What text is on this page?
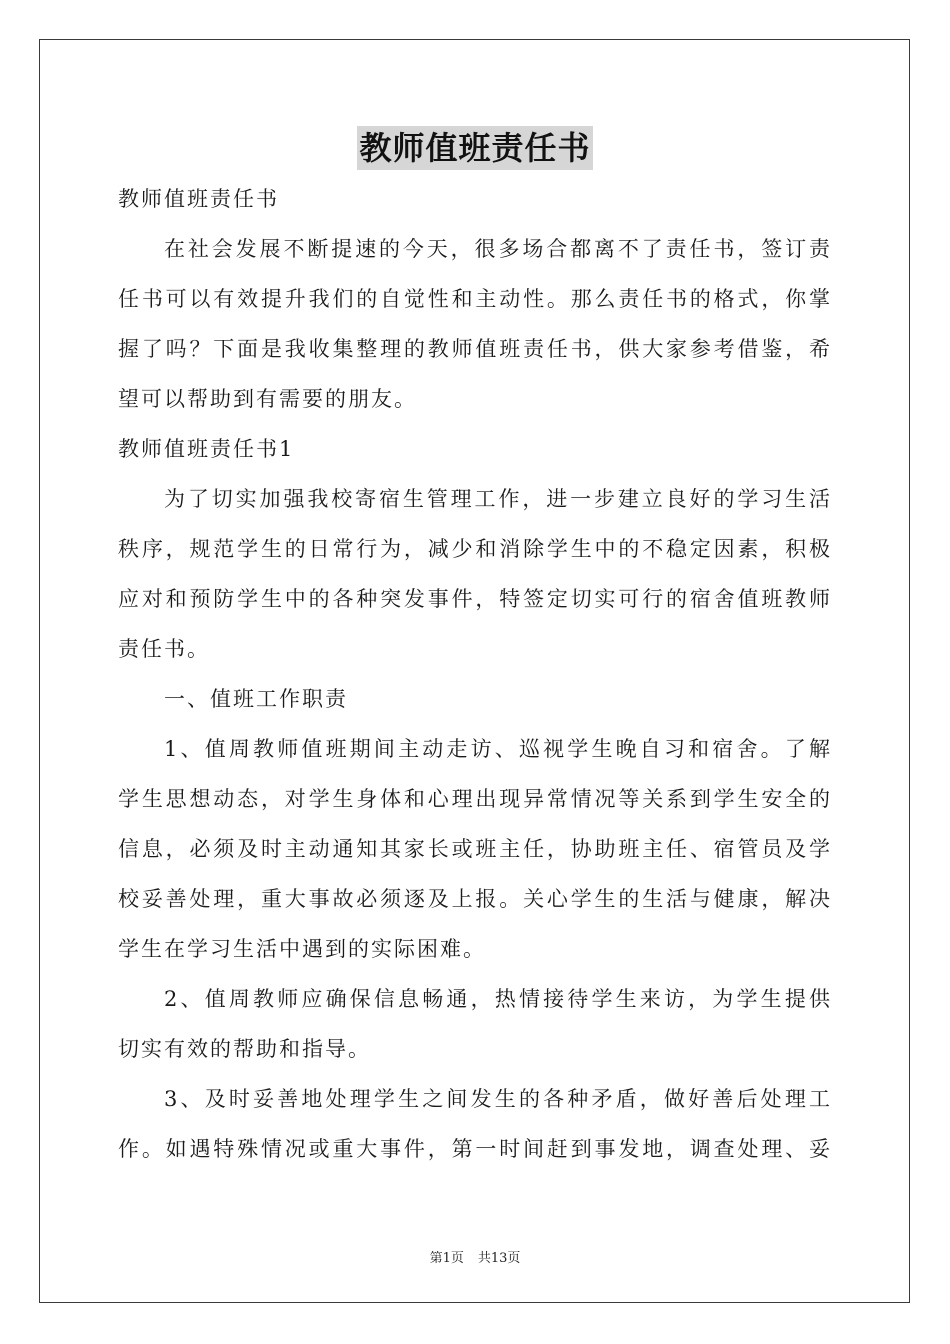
教师值班责任书
教师值班责任书
在社会发展不断提速的今天，很多场合都离不了责任书，签订责
任书可以有效提升我们的自觉性和主动性。那么责任书的格式，你掌
握了吗？下面是我收集整理的教师值班责任书，供大家参考借鉴，希
望可以帮助到有需要的朋友。
教师值班责任书1
为了切实加强我校寄宿生管理工作，进一步建立良好的学习生活
秩序，规范学生的日常行为，减少和消除学生中的不稳定因素，积极
应对和预防学生中的各种突发事件，特签定切实可行的宿舍值班教师
责任书。
一、值班工作职责
1、值周教师值班期间主动走访、巡视学生晚自习和宿舍。了解
学生思想动态，对学生身体和心理出现异常情况等关系到学生安全的
信息，必须及时主动通知其家长或班主任，协助班主任、宿管员及学
校妥善处理，重大事故必须逐及上报。关心学生的生活与健康，解决
学生在学习生活中遇到的实际困难。
2、值周教师应确保信息畅通，热情接待学生来访，为学生提供
切实有效的帮助和指导。
3、及时妥善地处理学生之间发生的各种矛盾，做好善后处理工
作。如遇特殊情况或重大事件，第一时间赶到事发地，调查处理、妥
第1页 共13页
